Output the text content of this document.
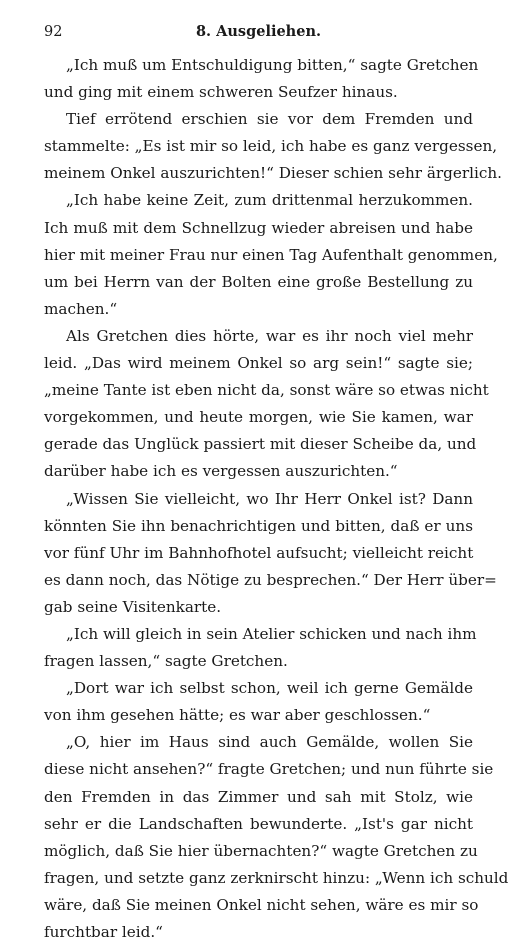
92	8. Ausgeliehen.
„Ich muß um Entschuldigung bitten,“ sagte Gretchen
und ging mit einem schweren Seufzer hinaus.
Tief errötend erschien sie vor dem Fremden und
stammelte: „Es ist mir so leid, ich habe es ganz vergessen,
meinem Onkel auszurichten!“ Dieser schien sehr ärgerlich.
„Ich habe keine Zeit, zum drittenmal herzukommen.
Ich muß mit dem Schnellzug wieder abreisen und habe
hier mit meiner Frau nur einen Tag Aufenthalt genommen,
um bei Herrn van der Bolten eine große Bestellung zu
machen.“
Als Gretchen dies hörte, war es ihr noch viel mehr
leid. „Das wird meinem Onkel so arg sein!“ sagte sie;
„meine Tante ist eben nicht da, sonst wäre so etwas nicht
vorgekommen, und heute morgen, wie Sie kamen, war
gerade das Unglück passiert mit dieser Scheibe da, und
darüber habe ich es vergessen auszurichten.“
„Wissen Sie vielleicht, wo Ihr Herr Onkel ist? Dann
könnten Sie ihn benachrichtigen und bitten, daß er uns
vor fünf Uhr im Bahnhofhotel aufsucht; vielleicht reicht
es dann noch, das Nötige zu besprechen.“ Der Herr über=
gab seine Visitenkarte.
„Ich will gleich in sein Atelier schicken und nach ihm
fragen lassen,“ sagte Gretchen.
„Dort war ich selbst schon, weil ich gerne Gemälde
von ihm gesehen hätte; es war aber geschlossen.“
„O, hier im Haus sind auch Gemälde, wollen Sie
diese nicht ansehen?“ fragte Gretchen; und nun führte sie
den Fremden in das Zimmer und sah mit Stolz, wie
sehr er die Landschaften bewunderte. „Ist's gar nicht
möglich, daß Sie hier übernachten?“ wagte Gretchen zu
fragen, und setzte ganz zerknirscht hinzu: „Wenn ich schuld
wäre, daß Sie meinen Onkel nicht sehen, wäre es mir so
furchtbar leid.“
